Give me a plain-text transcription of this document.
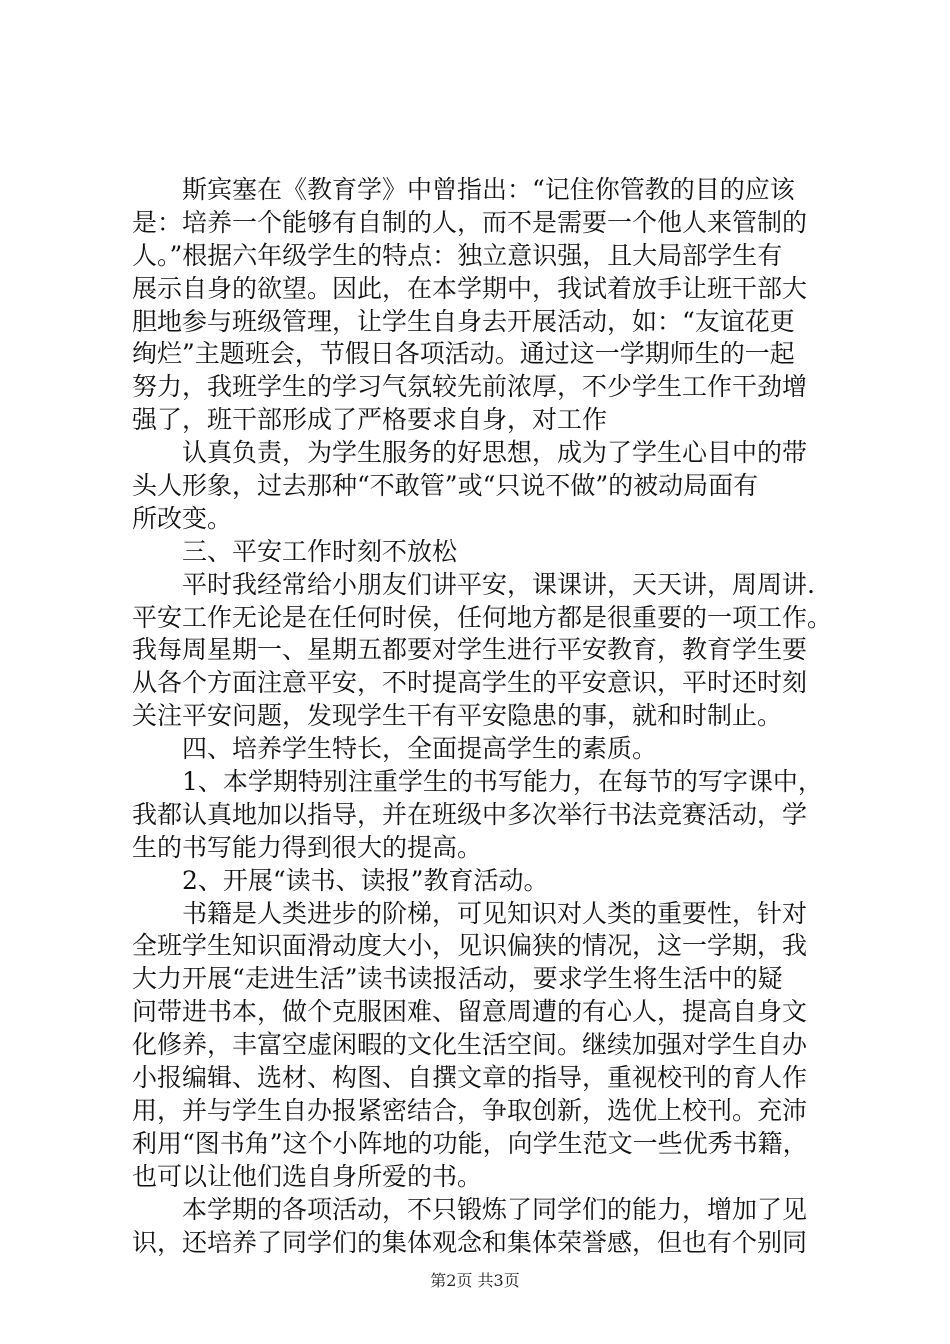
斯宾塞在《教育学》中曾指出：“记住你管教的目的应该
是：培养一个能够有自制的人，而不是需要一个他人来管制的
人。”根据六年级学生的特点：独立意识强，且大局部学生有
展示自身的欲望。因此，在本学期中，我试着放手让班干部大
胆地参与班级管理，让学生自身去开展活动，如：“友谊花更
绚烂”主题班会，节假日各项活动。通过这一学期师生的一起
努力，我班学生的学习气氛较先前浓厚，不少学生工作干劲增
强了，班干部形成了严格要求自身，对工作
认真负责，为学生服务的好思想，成为了学生心目中的带
头人形象，过去那种“不敢管”或“只说不做”的被动局面有
所改变。
三、平安工作时刻不放松
平时我经常给小朋友们讲平安，课课讲，天天讲，周周讲.
平安工作无论是在任何时侯，任何地方都是很重要的一项工作。
我每周星期一、星期五都要对学生进行平安教育，教育学生要
从各个方面注意平安，不时提高学生的平安意识，平时还时刻
关注平安问题，发现学生干有平安隐患的事，就和时制止。
四、培养学生特长，全面提高学生的素质。
1、本学期特别注重学生的书写能力，在每节的写字课中，
我都认真地加以指导，并在班级中多次举行书法竞赛活动，学
生的书写能力得到很大的提高。
2、开展“读书、读报”教育活动。
书籍是人类进步的阶梯，可见知识对人类的重要性，针对
全班学生知识面滑动度大小，见识偏狭的情况，这一学期，我
大力开展“走进生活”读书读报活动，要求学生将生活中的疑
问带进书本，做个克服困难、留意周遭的有心人，提高自身文
化修养，丰富空虚闲暇的文化生活空间。继续加强对学生自办
小报编辑、选材、构图、自撰文章的指导，重视校刊的育人作
用，并与学生自办报紧密结合，争取创新，选优上校刊。充沛
利用“图书角”这个小阵地的功能，向学生范文一些优秀书籍，
也可以让他们选自身所爱的书。
本学期的各项活动，不只锻炼了同学们的能力，增加了见
识，还培养了同学们的集体观念和集体荣誉感，但也有个别同
第2页 共3页
